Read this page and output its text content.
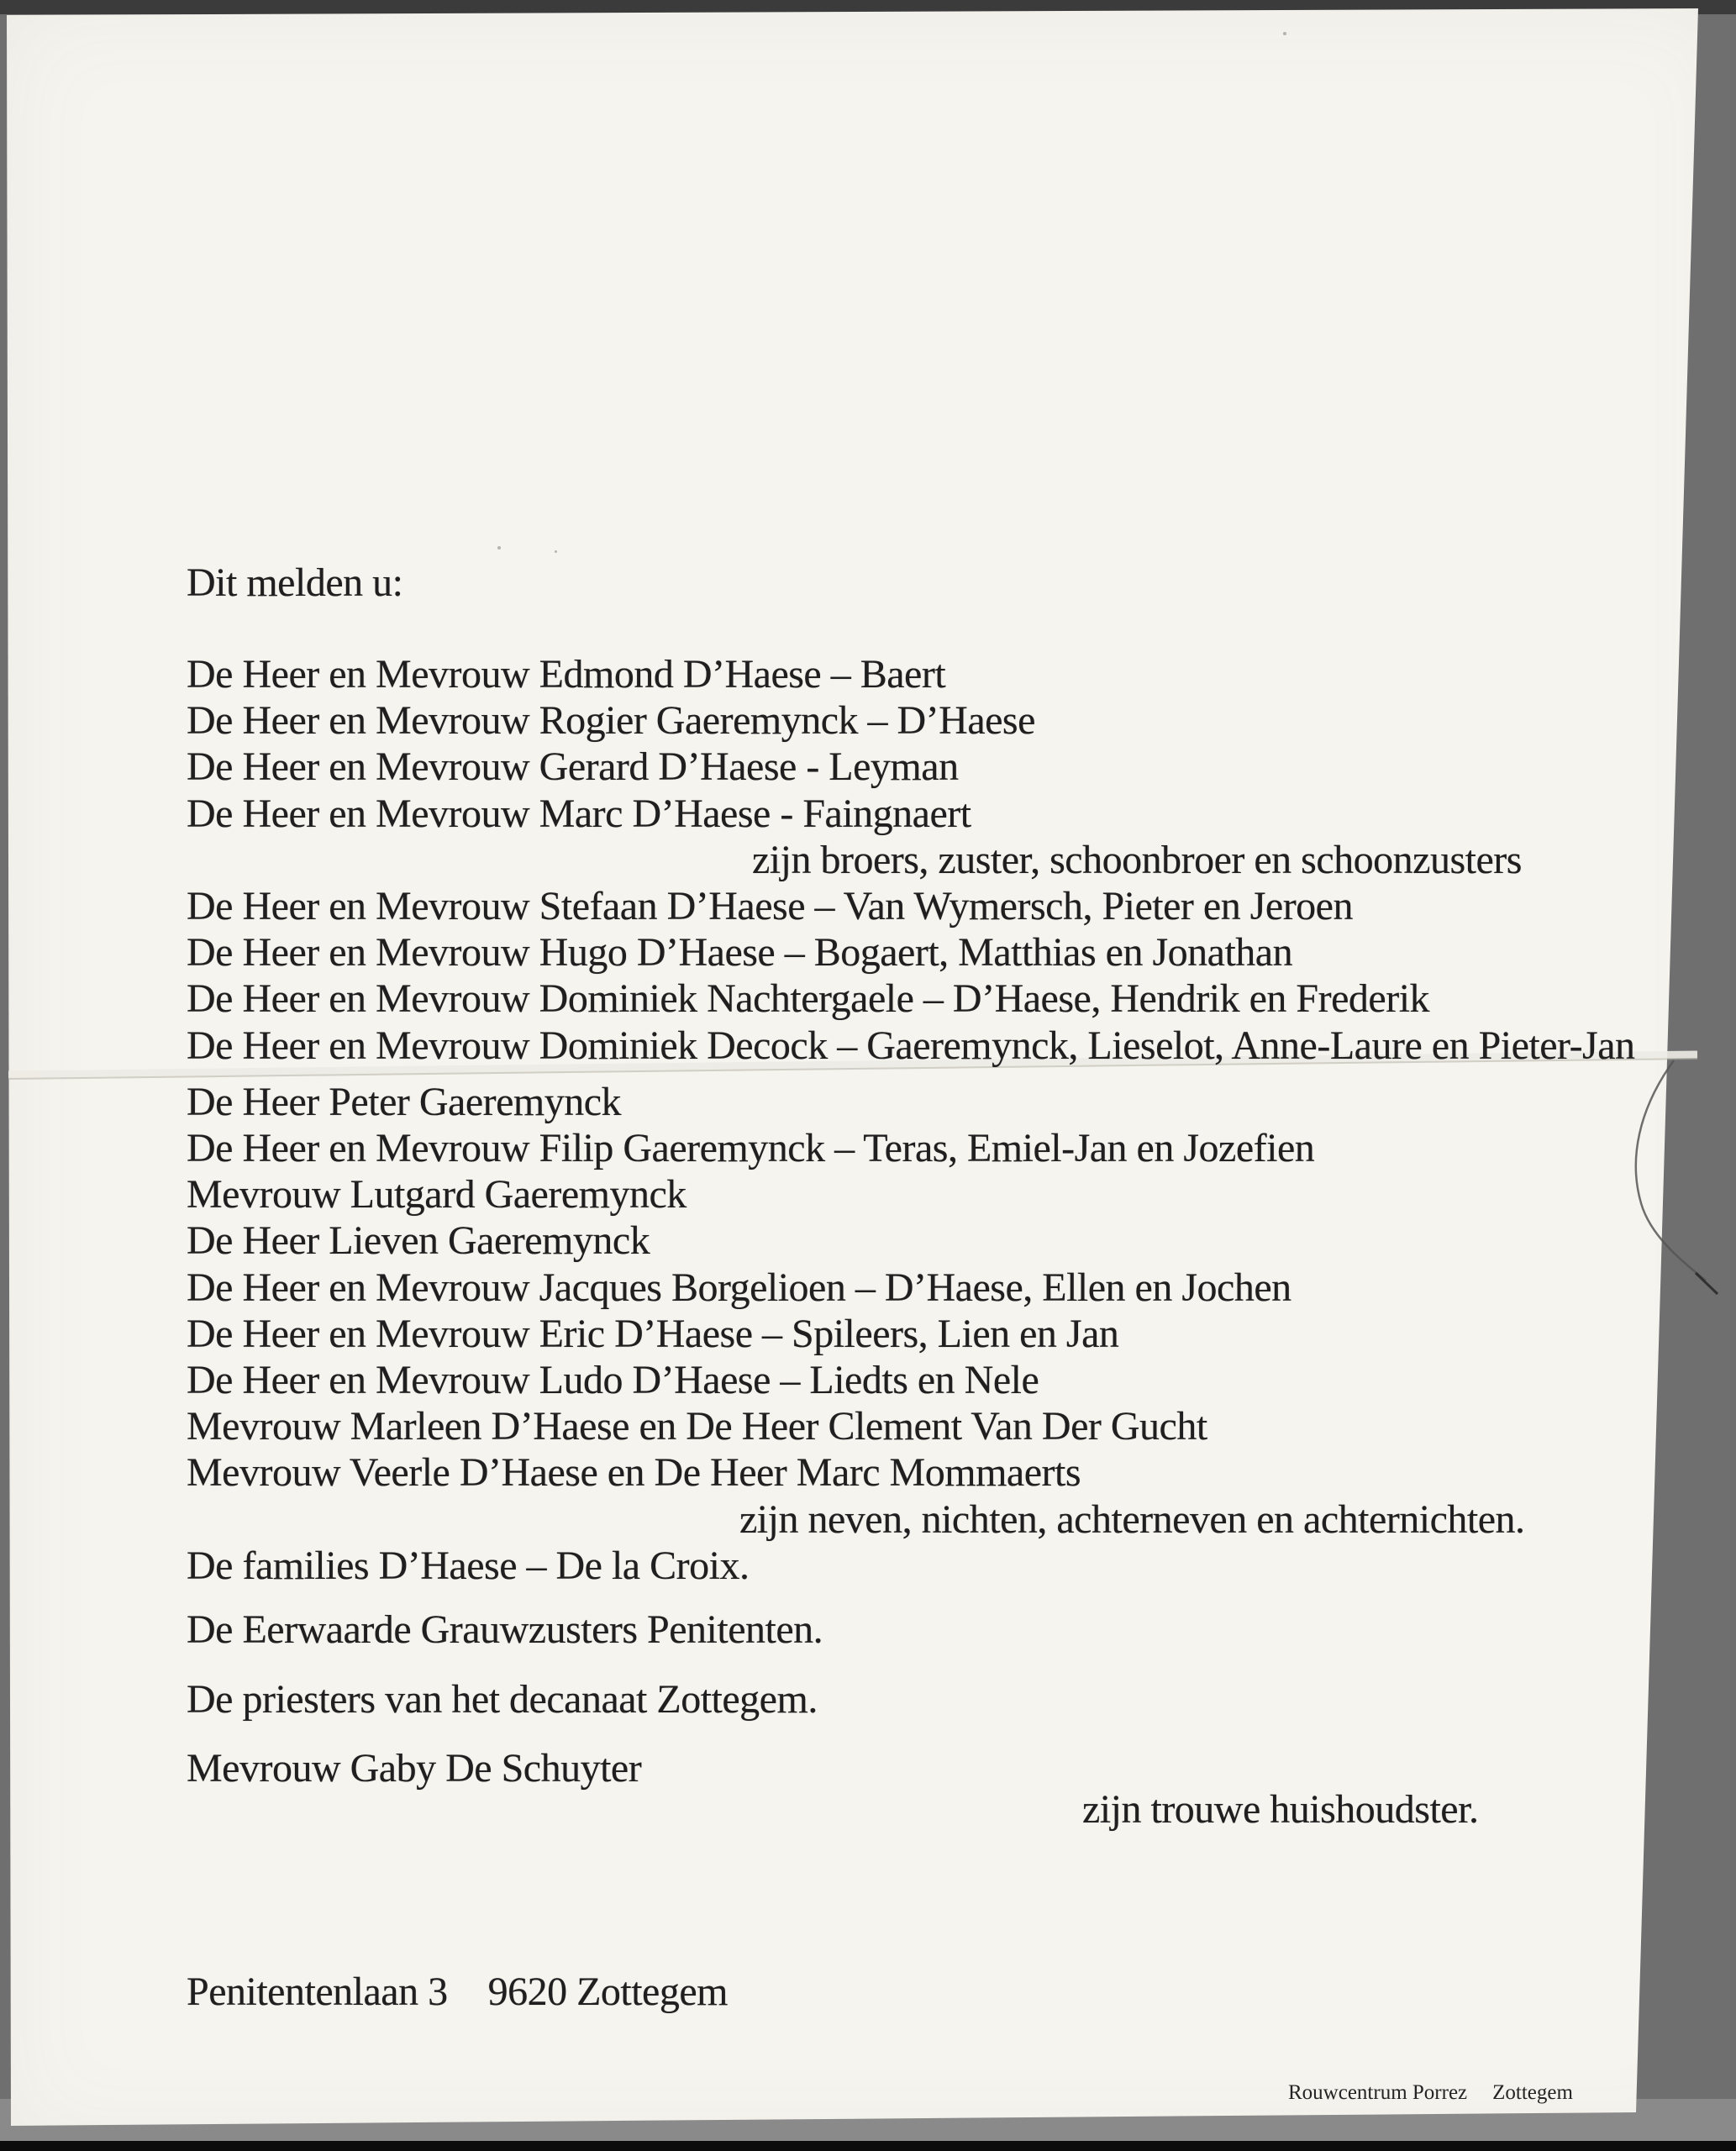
Dit melden u:
De Heer en Mevrouw Edmond D’Haese – Baert
De Heer en Mevrouw Rogier Gaeremynck – D’Haese
De Heer en Mevrouw Gerard D’Haese - Leyman
De Heer en Mevrouw Marc D’Haese - Faingnaert
zijn broers, zuster, schoonbroer en schoonzusters
De Heer en Mevrouw Stefaan D’Haese – Van Wymersch, Pieter en Jeroen
De Heer en Mevrouw Hugo D’Haese – Bogaert, Matthias en Jonathan
De Heer en Mevrouw Dominiek Nachtergaele – D’Haese, Hendrik en Frederik
De Heer en Mevrouw Dominiek Decock – Gaeremynck, Lieselot, Anne-Laure en Pieter-Jan
De Heer Peter Gaeremynck
De Heer en Mevrouw Filip Gaeremynck – Teras, Emiel-Jan en Jozefien
Mevrouw Lutgard Gaeremynck
De Heer Lieven Gaeremynck
De Heer en Mevrouw Jacques Borgelioen – D’Haese, Ellen en Jochen
De Heer en Mevrouw Eric D’Haese – Spileers, Lien en Jan
De Heer en Mevrouw Ludo D’Haese – Liedts en Nele
Mevrouw Marleen D’Haese en De Heer Clement Van Der Gucht
Mevrouw Veerle D’Haese en De Heer Marc Mommaerts
zijn neven, nichten, achterneven en achternichten.
De families D’Haese – De la Croix.
De Eerwaarde Grauwzusters Penitenten.
De priesters van het decanaat Zottegem.
Mevrouw Gaby De Schuyter
zijn trouwe huishoudster.
Penitentenlaan 3 9620 Zottegem
Rouwcentrum Porrez Zottegem
